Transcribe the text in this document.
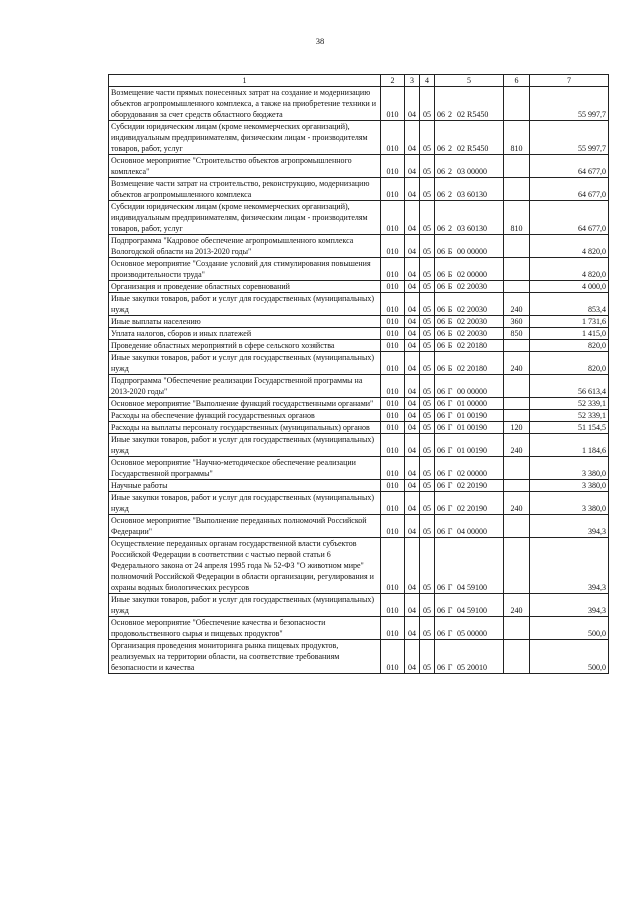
38
1	2	3	4	5	6	7
Возмещение части прямых понесенных затрат на создание и модернизацию объектов агропромышленного комплекса, а также на приобретение техники и оборудования за счет средств областного бюджета	010	04	05	06 2 02 R5450		55 997,7
Субсидии юридическим лицам (кроме некоммерческих организаций), индивидуальным предпринимателям, физическим лицам - производителям товаров, работ, услуг	010	04	05	06 2 02 R5450	810	55 997,7
Основное мероприятие "Строительство объектов агропромышленного комплекса"	010	04	05	06 2 03 00000		64 677,0
Возмещение части затрат на строительство, реконструкцию, модернизацию объектов агропромышленного комплекса	010	04	05	06 2 03 60130		64 677,0
Субсидии юридическим лицам (кроме некоммерческих организаций), индивидуальным предпринимателям, физическим лицам - производителям товаров, работ, услуг	010	04	05	06 2 03 60130	810	64 677,0
Подпрограмма "Кадровое обеспечение агропромышленного комплекса Вологодской области на 2013-2020 годы"	010	04	05	06 Б 00 00000		4 820,0
Основное мероприятие "Создание условий для стимулирования повышения производительности труда"	010	04	05	06 Б 02 00000		4 820,0
Организация и проведение областных соревнований	010	04	05	06 Б 02 20030		4 000,0
Иные закупки товаров, работ и услуг для государственных (муниципальных) нужд	010	04	05	06 Б 02 20030	240	853,4
Иные выплаты населению	010	04	05	06 Б 02 20030	360	1 731,6
Уплата налогов, сборов и иных платежей	010	04	05	06 Б 02 20030	850	1 415,0
Проведение областных мероприятий в сфере сельского хозяйства	010	04	05	06 Б 02 20180		820,0
Иные закупки товаров, работ и услуг для государственных (муниципальных) нужд	010	04	05	06 Б 02 20180	240	820,0
Подпрограмма "Обеспечение реализации Государственной программы на 2013-2020 годы"	010	04	05	06 Г 00 00000		56 613,4
Основное мероприятие "Выполнение функций государственными органами"	010	04	05	06 Г 01 00000		52 339,1
Расходы на обеспечение функций государственных органов	010	04	05	06 Г 01 00190		52 339,1
Расходы на выплаты персоналу государственных (муниципальных) органов	010	04	05	06 Г 01 00190	120	51 154,5
Иные закупки товаров, работ и услуг для государственных (муниципальных) нужд	010	04	05	06 Г 01 00190	240	1 184,6
Основное мероприятие "Научно-методическое обеспечение реализации Государственной программы"	010	04	05	06 Г 02 00000		3 380,0
Научные работы	010	04	05	06 Г 02 20190		3 380,0
Иные закупки товаров, работ и услуг для государственных (муниципальных) нужд	010	04	05	06 Г 02 20190	240	3 380,0
Основное мероприятие "Выполнение переданных полномочий Российской Федерации"	010	04	05	06 Г 04 00000		394,3
Осуществление переданных органам государственной власти субъектов Российской Федерации в соответствии с частью первой статьи 6 Федерального закона от 24 апреля 1995 года № 52-ФЗ "О животном мире" полномочий Российской Федерации в области организации, регулирования и охраны водных биологических ресурсов	010	04	05	06 Г 04 59100		394,3
Иные закупки товаров, работ и услуг для государственных (муниципальных) нужд	010	04	05	06 Г 04 59100	240	394,3
Основное мероприятие "Обеспечение качества и безопасности продовольственного сырья и пищевых продуктов"	010	04	05	06 Г 05 00000		500,0
Организация проведения мониторинга рынка пищевых продуктов, реализуемых на территории области, на соответствие требованиям безопасности и качества	010	04	05	06 Г 05 20010		500,0
